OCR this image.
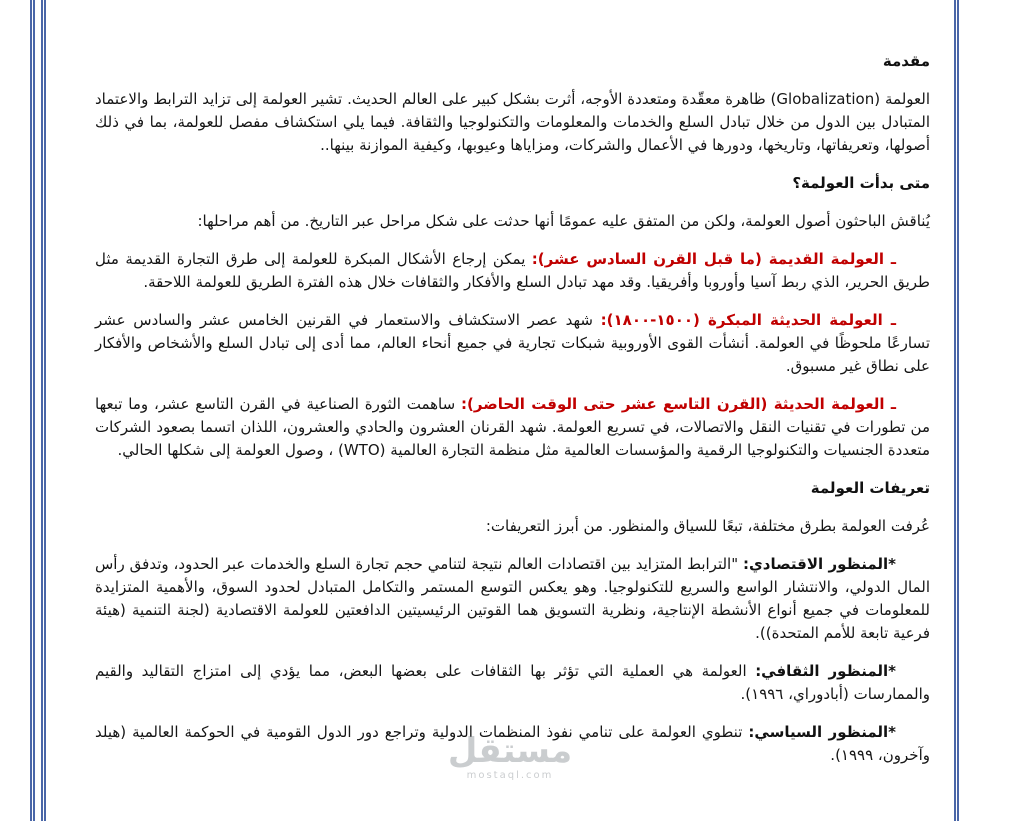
مقدمة

العولمة (Globalization) ظاهرة معقّدة ومتعددة الأوجه، أثرت بشكل كبير على العالم الحديث. تشير العولمة إلى تزايد الترابط والاعتماد المتبادل بين الدول من خلال تبادل السلع والخدمات والمعلومات والتكنولوجيا والثقافة. فيما يلي استكشاف مفصل للعولمة، بما في ذلك أصولها، وتعريفاتها، وتاريخها، ودورها في الأعمال والشركات، ومزاياها وعيوبها، وكيفية الموازنة بينها..

متى بدأت العولمة؟

يُناقش الباحثون أصول العولمة، ولكن من المتفق عليه عمومًا أنها حدثت على شكل مراحل عبر التاريخ. من أهم مراحلها:

ـ العولمة القديمة (ما قبل القرن السادس عشر): يمكن إرجاع الأشكال المبكرة للعولمة إلى طرق التجارة القديمة مثل طريق الحرير، الذي ربط آسيا وأوروبا وأفريقيا. وقد مهد تبادل السلع والأفكار والثقافات خلال هذه الفترة الطريق للعولمة اللاحقة.

ـ العولمة الحديثة المبكرة (١٥٠٠-١٨٠٠): شهد عصر الاستكشاف والاستعمار في القرنين الخامس عشر والسادس عشر تسارعًا ملحوظًا في العولمة. أنشأت القوى الأوروبية شبكات تجارية في جميع أنحاء العالم، مما أدى إلى تبادل السلع والأشخاص والأفكار على نطاق غير مسبوق.

ـ العولمة الحديثة (القرن التاسع عشر حتى الوقت الحاضر): ساهمت الثورة الصناعية في القرن التاسع عشر، وما تبعها من تطورات في تقنيات النقل والاتصالات، في تسريع العولمة. شهد القرنان العشرون والحادي والعشرون، اللذان اتسما بصعود الشركات متعددة الجنسيات والتكنولوجيا الرقمية والمؤسسات العالمية مثل منظمة التجارة العالمية (WTO) ، وصول العولمة إلى شكلها الحالي.

تعريفات العولمة

عُرفت العولمة بطرق مختلفة، تبعًا للسياق والمنظور. من أبرز التعريفات:

*المنظور الاقتصادي: "الترابط المتزايد بين اقتصادات العالم نتيجة لتنامي حجم تجارة السلع والخدمات عبر الحدود، وتدفق رأس المال الدولي، والانتشار الواسع والسريع للتكنولوجيا. وهو يعكس التوسع المستمر والتكامل المتبادل لحدود السوق، والأهمية المتزايدة للمعلومات في جميع أنواع الأنشطة الإنتاجية، ونظرية التسويق هما القوتين الرئيسيتين الدافعتين للعولمة الاقتصادية (لجنة التنمية (هيئة فرعية تابعة للأمم المتحدة)).

*المنظور الثقافي: العولمة هي العملية التي تؤثر بها الثقافات على بعضها البعض، مما يؤدي إلى امتزاج التقاليد والقيم والممارسات (أبادوراي، ١٩٩٦).

*المنظور السياسي: تنطوي العولمة على تنامي نفوذ المنظمات الدولية وتراجع دور الدول القومية في الحوكمة العالمية (هيلد وآخرون، ١٩٩٩).

مستقل
mostaql.com
